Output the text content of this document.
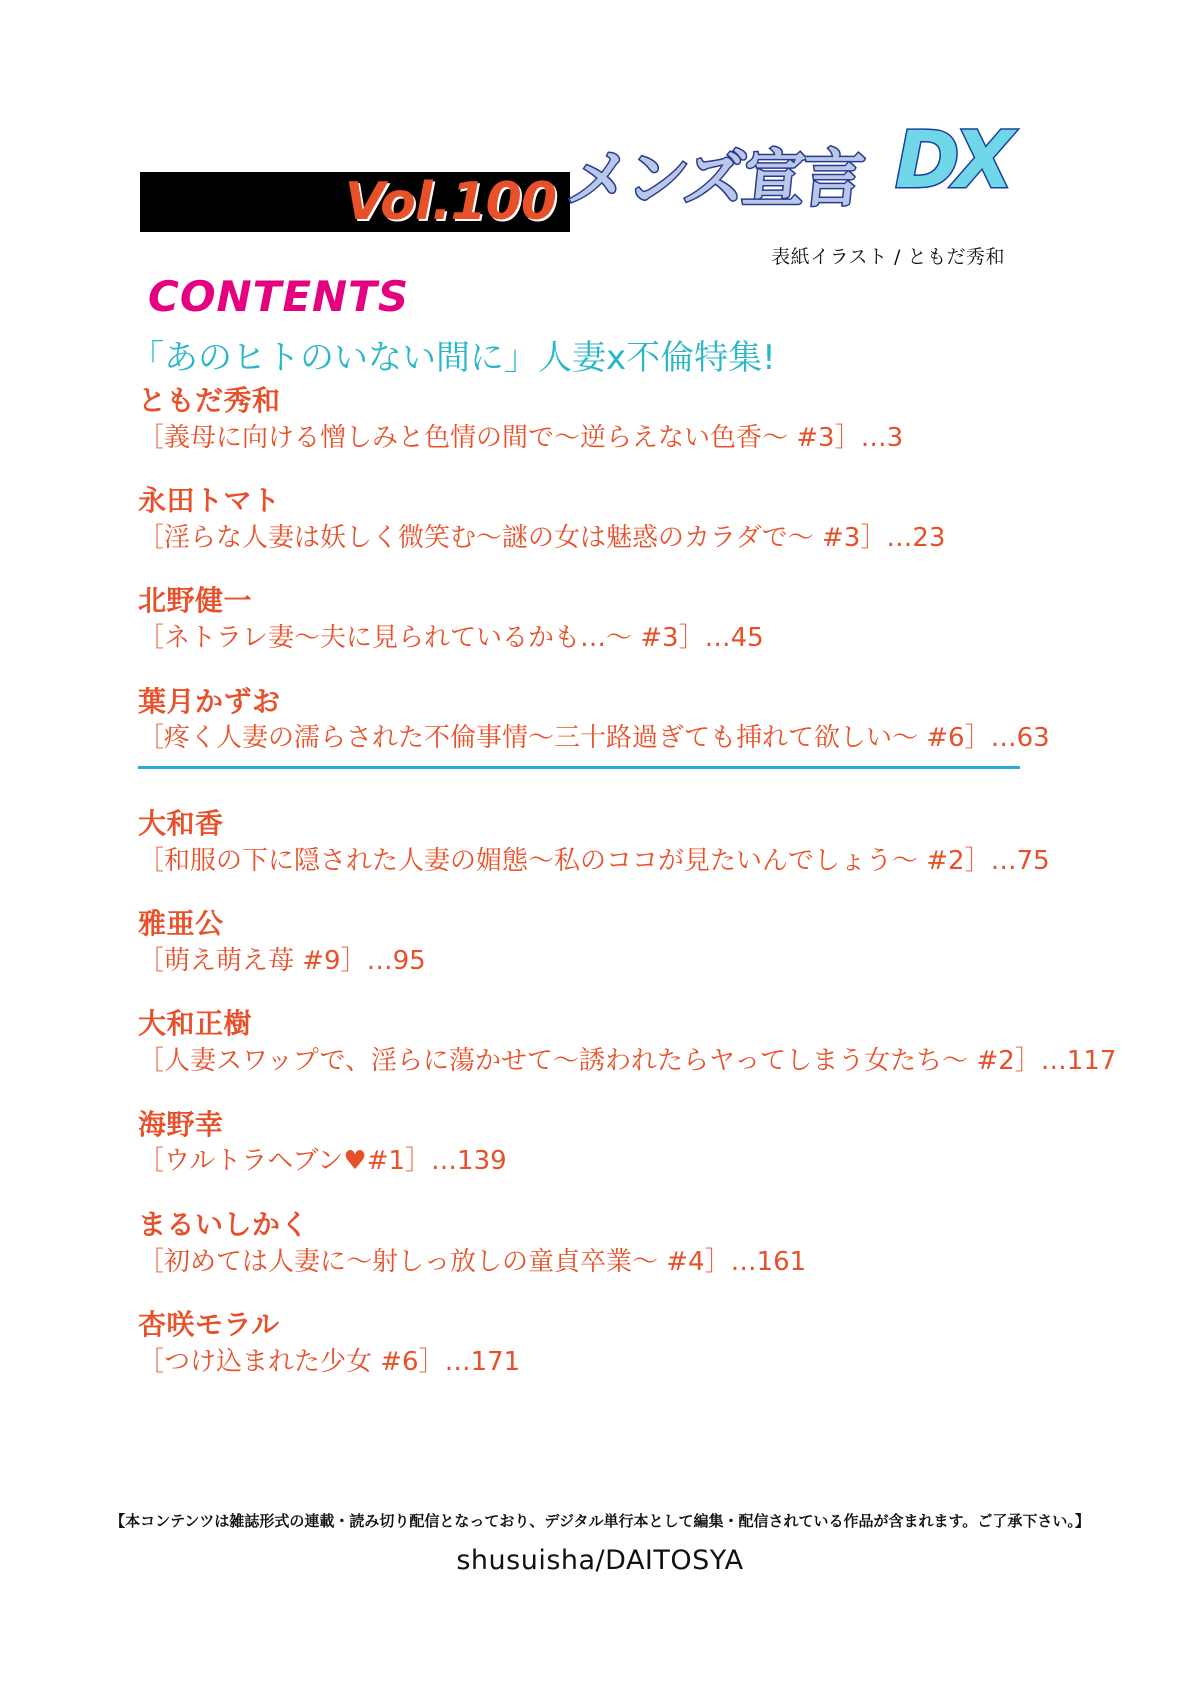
Vol.100 メンズ宣言 DX
表紙イラスト / ともだ秀和
CONTENTS
「あのヒトのいない間に」人妻x不倫特集!
ともだ秀和
［義母に向ける憎しみと色情の間で～逆らえない色香～ #3］…3
永田トマト
［淫らな人妻は妖しく微笑む～謎の女は魅惑のカラダで～ #3］…23
北野健一
［ネトラレ妻～夫に見られているかも…～ #3］…45
葉月かずお
［疼く人妻の濡らされた不倫事情～三十路過ぎても挿れて欲しい～ #6］…63
大和香
［和服の下に隠された人妻の媚態～私のココが見たいんでしょう～ #2］…75
雅亜公
［萌え萌え苺 #9］…95
大和正樹
［人妻スワップで、淫らに蕩かせて～誘われたらヤってしまう女たち～ #2］…117
海野幸
［ウルトラヘブン♥#1］…139
まるいしかく
［初めては人妻に～射しっ放しの童貞卒業～ #4］…161
杏咲モラル
［つけ込まれた少女 #6］…171
【本コンテンツは雑誌形式の連載・読み切り配信となっており、デジタル単行本として編集・配信されている作品が含まれます。ご了承下さい。】
shusuisha/DAITOSYA
